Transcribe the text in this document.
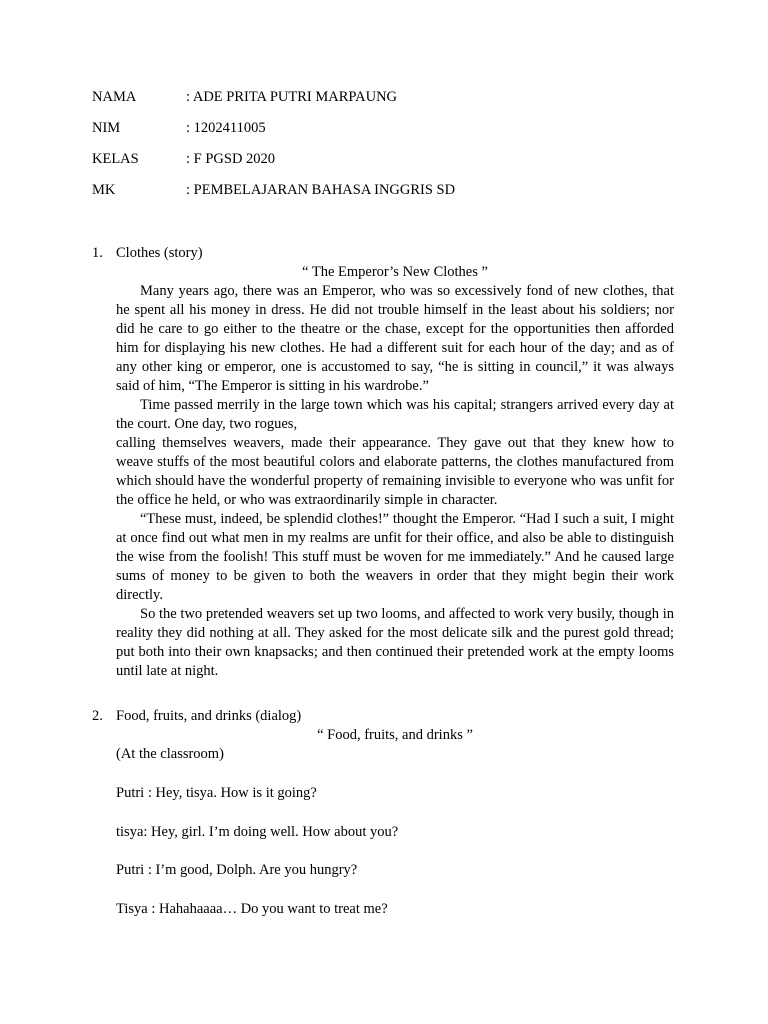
NAMA	: ADE PRITA PUTRI MARPAUNG
NIM	: 1202411005
KELAS	: F PGSD 2020
MK	: PEMBELAJARAN BAHASA INGGRIS SD
1. Clothes (story)
“ The Emperor’s New Clothes ”

Many years ago, there was an Emperor, who was so excessively fond of new clothes, that he spent all his money in dress. He did not trouble himself in the least about his soldiers; nor did he care to go either to the theatre or the chase, except for the opportunities then afforded him for displaying his new clothes. He had a different suit for each hour of the day; and as of any other king or emperor, one is accustomed to say, “he is sitting in council,” it was always said of him, “The Emperor is sitting in his wardrobe.”

Time passed merrily in the large town which was his capital; strangers arrived every day at the court. One day, two rogues,

calling themselves weavers, made their appearance. They gave out that they knew how to weave stuffs of the most beautiful colors and elaborate patterns, the clothes manufactured from which should have the wonderful property of remaining invisible to everyone who was unfit for the office he held, or who was extraordinarily simple in character.

“These must, indeed, be splendid clothes!” thought the Emperor. “Had I such a suit, I might at once find out what men in my realms are unfit for their office, and also be able to distinguish the wise from the foolish! This stuff must be woven for me immediately.” And he caused large sums of money to be given to both the weavers in order that they might begin their work directly.

So the two pretended weavers set up two looms, and affected to work very busily, though in reality they did nothing at all. They asked for the most delicate silk and the purest gold thread; put both into their own knapsacks; and then continued their pretended work at the empty looms until late at night.

2. Food, fruits, and drinks (dialog)
“ Food, fruits, and drinks ”
(At the classroom)
Putri : Hey, tisya. How is it going?
tisya: Hey, girl. I’m doing well. How about you?
Putri : I’m good, Dolph. Are you hungry?
Tisya : Hahahaaaa… Do you want to treat me?
